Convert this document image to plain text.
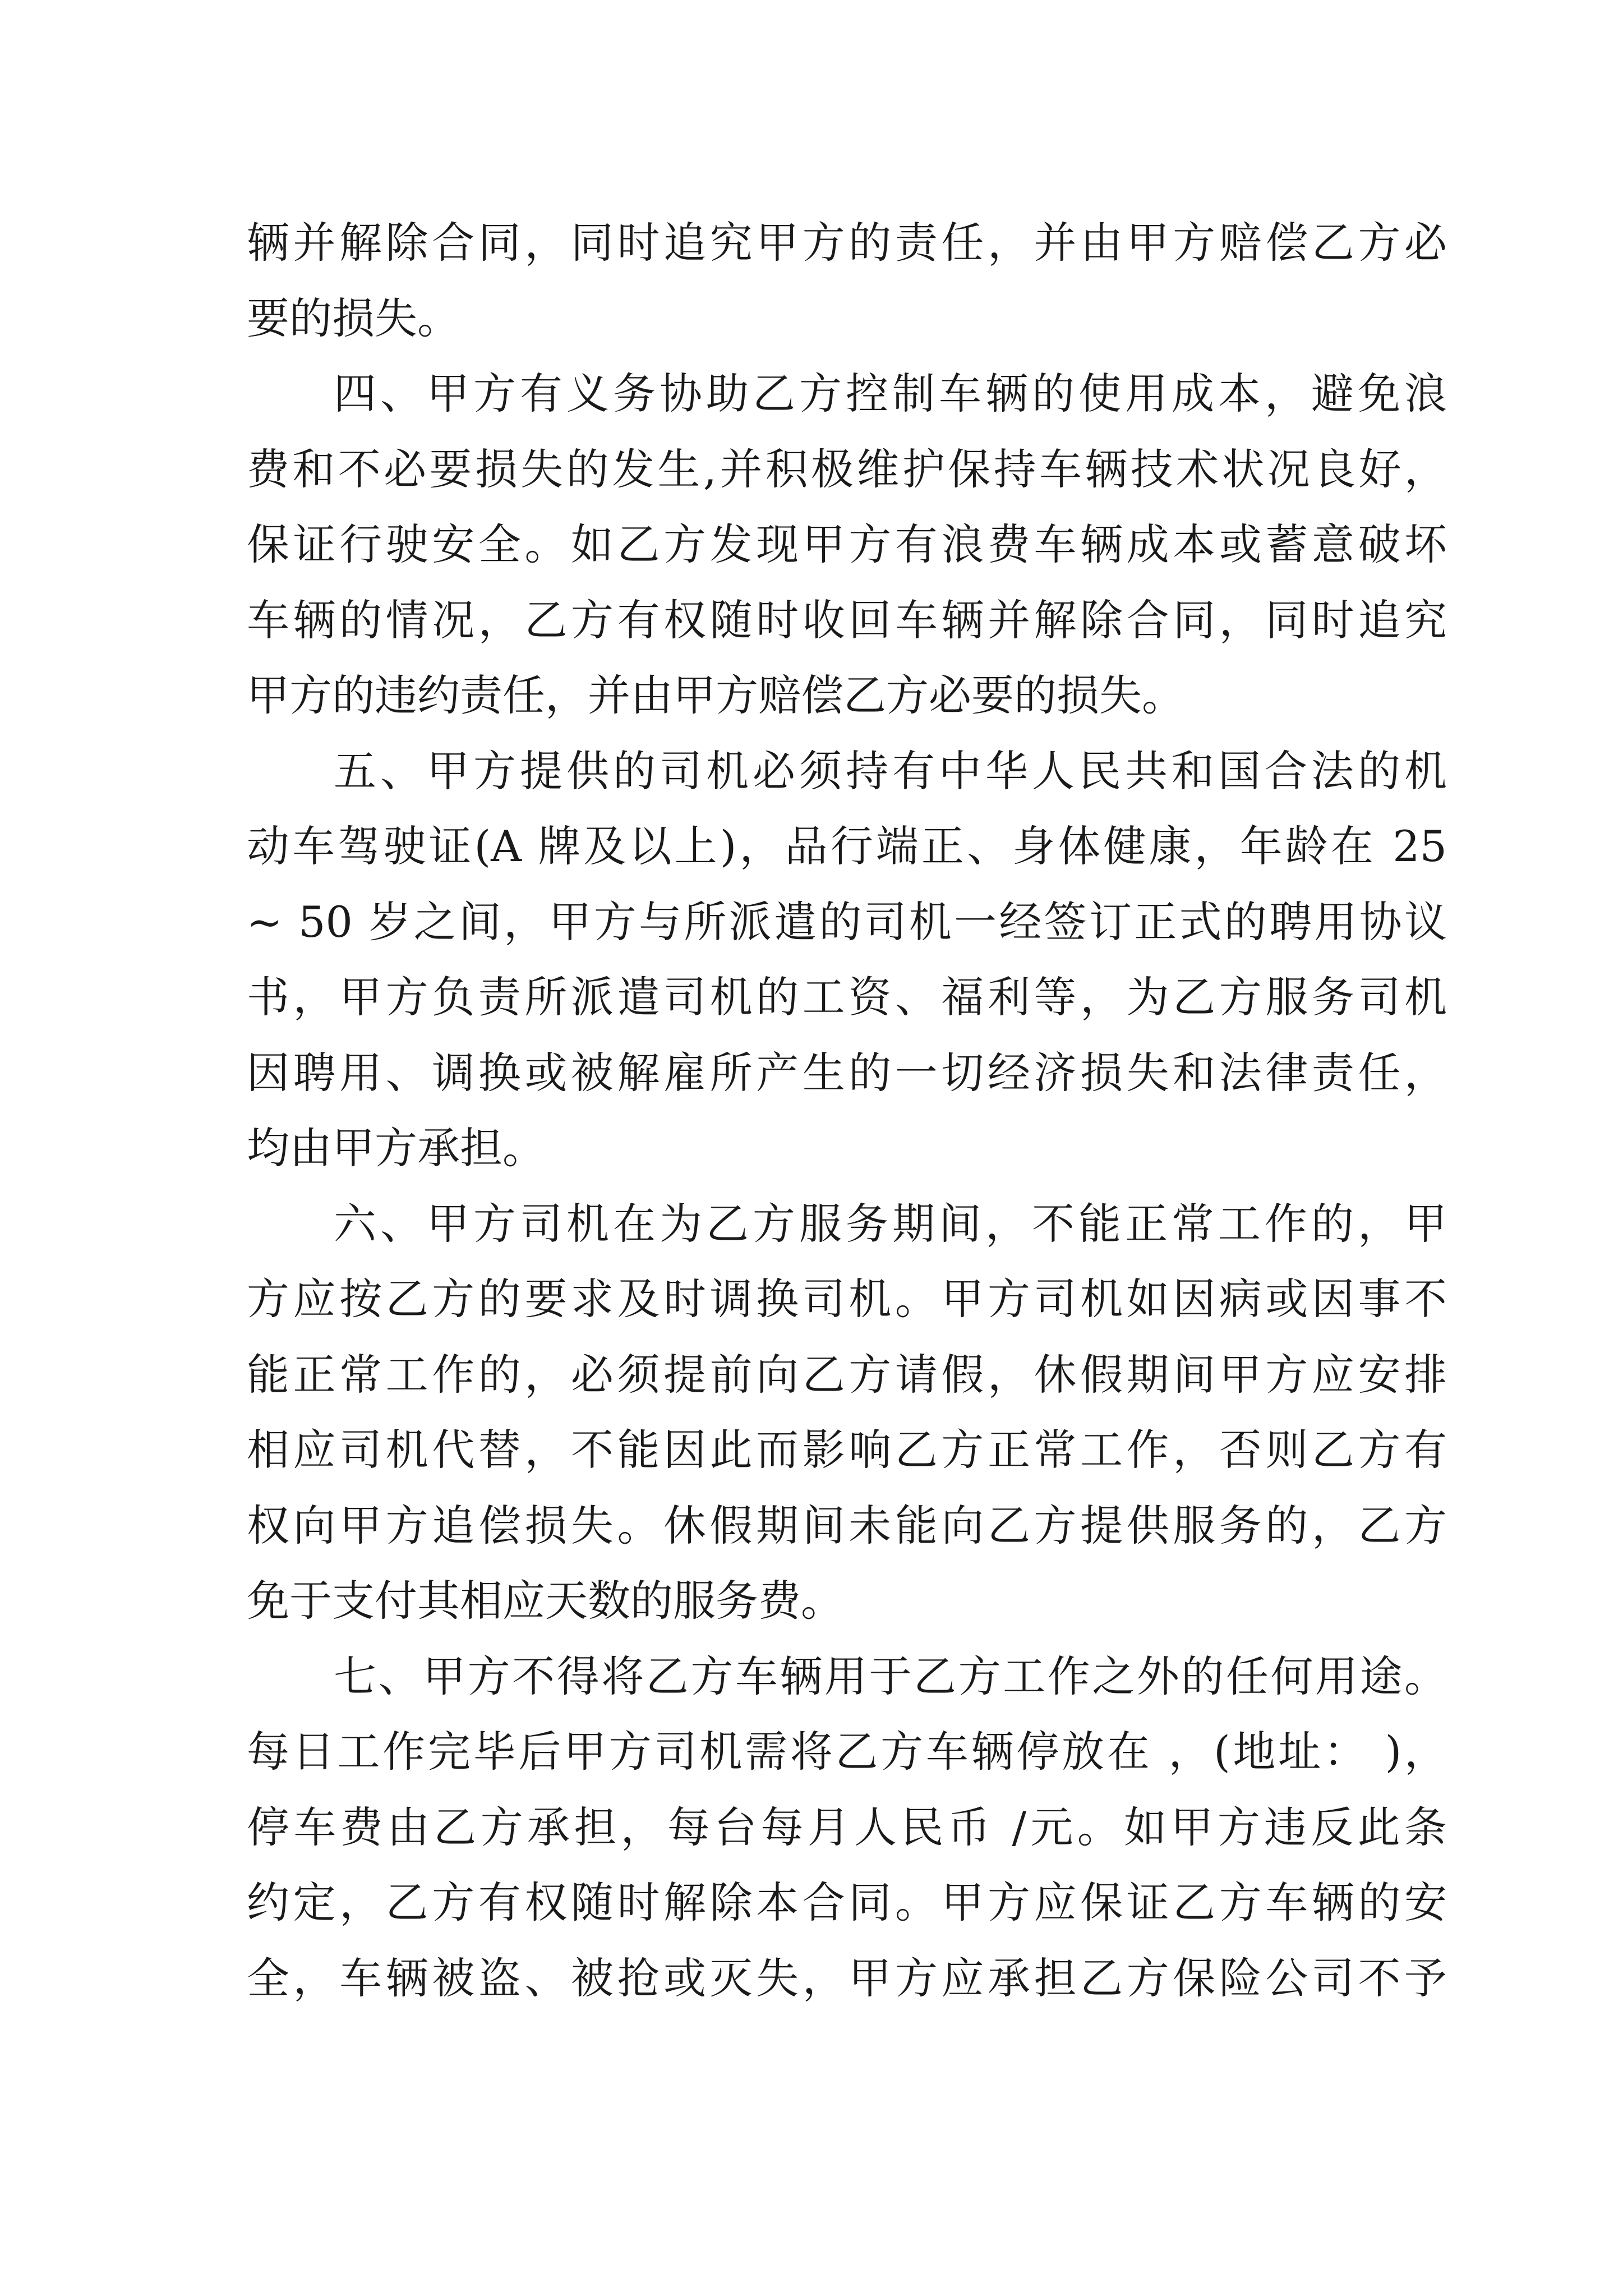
辆并解除合同，同时追究甲方的责任，并由甲方赔偿乙方必
要的损失。
四、甲方有义务协助乙方控制车辆的使用成本，避免浪
费和不必要损失的发生,并积极维护保持车辆技术状况良好，
保证行驶安全。如乙方发现甲方有浪费车辆成本或蓄意破坏
车辆的情况，乙方有权随时收回车辆并解除合同，同时追究
甲方的违约责任，并由甲方赔偿乙方必要的损失。
五、甲方提供的司机必须持有中华人民共和国合法的机
动车驾驶证(A 牌及以上)，品行端正、身体健康，年龄在 25
~ 50 岁之间，甲方与所派遣的司机一经签订正式的聘用协议
书，甲方负责所派遣司机的工资、福利等，为乙方服务司机
因聘用、调换或被解雇所产生的一切经济损失和法律责任，
均由甲方承担。
六、甲方司机在为乙方服务期间，不能正常工作的，甲
方应按乙方的要求及时调换司机。甲方司机如因病或因事不
能正常工作的，必须提前向乙方请假，休假期间甲方应安排
相应司机代替，不能因此而影响乙方正常工作，否则乙方有
权向甲方追偿损失。休假期间未能向乙方提供服务的，乙方
免于支付其相应天数的服务费。
七、甲方不得将乙方车辆用于乙方工作之外的任何用途。
每日工作完毕后甲方司机需将乙方车辆停放在 ，(地址： )，
停车费由乙方承担，每台每月人民币 /元。如甲方违反此条
约定，乙方有权随时解除本合同。甲方应保证乙方车辆的安
全，车辆被盗、被抢或灭失，甲方应承担乙方保险公司不予
